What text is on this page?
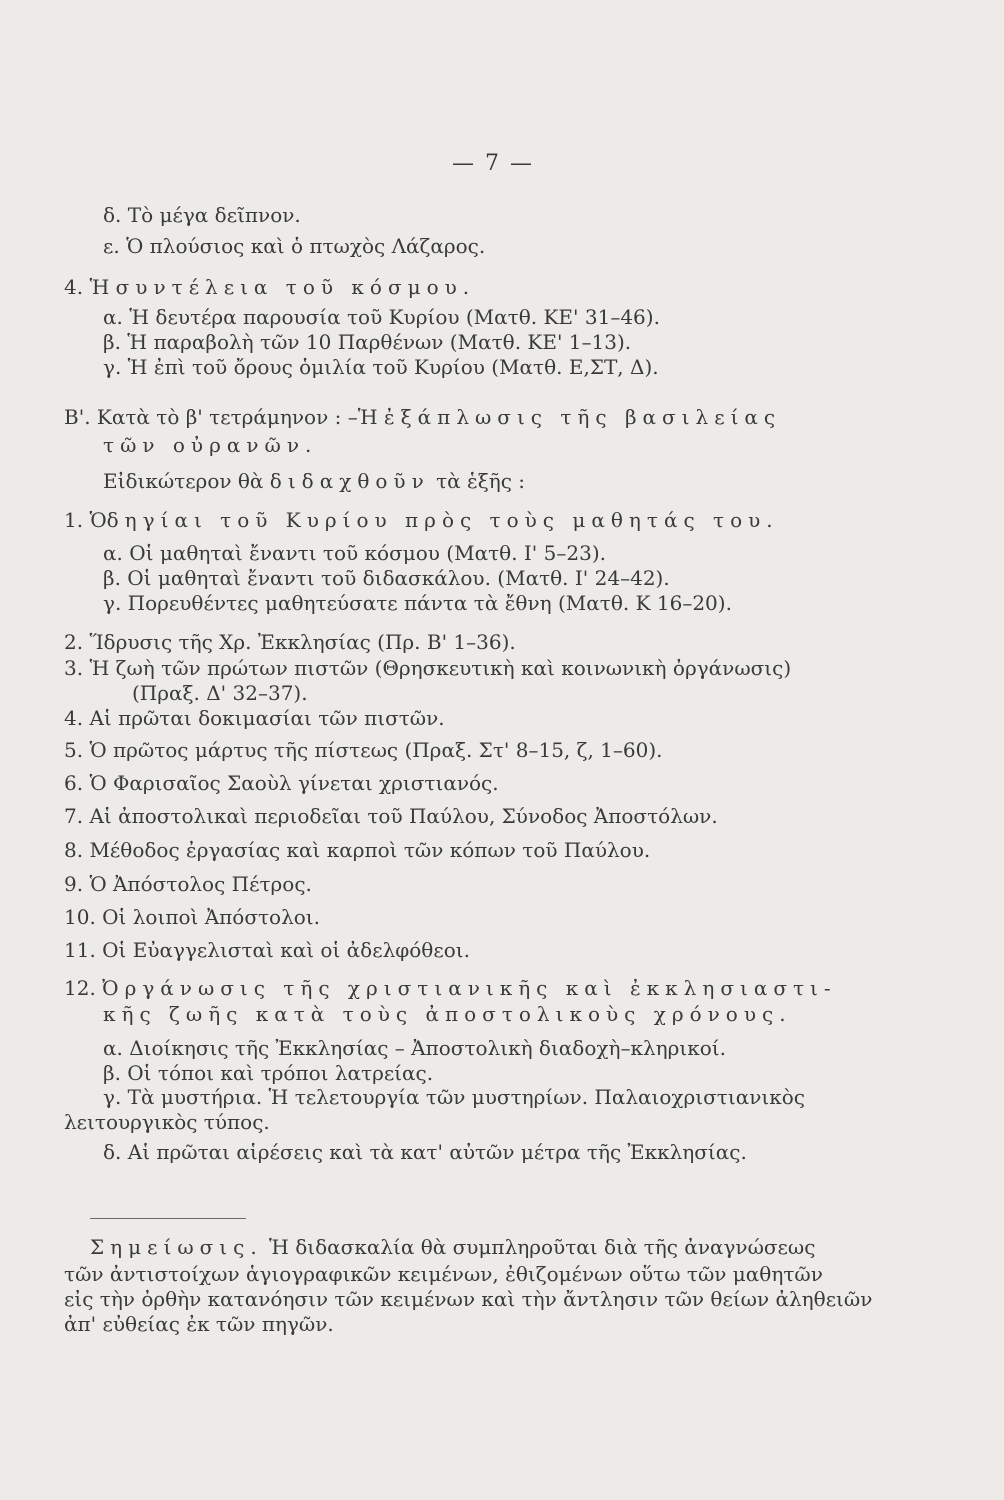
— 7 —
δ. Τὸ μέγα δεῖπνον.
ε. Ὁ πλούσιος καὶ ὁ πτωχὸς Λάζαρος.
4. Ἡ συντέλεια τοῦ κόσμου.
α. Ἡ δευτέρα παρουσία τοῦ Κυρίου (Ματθ. ΚΕ' 31–46).
β. Ἡ παραβολὴ τῶν 10 Παρθένων (Ματθ. ΚΕ' 1–13).
γ. Ἡ ἐπὶ τοῦ ὄρους ὁμιλία τοῦ Κυρίου (Ματθ. Ε,ΣΤ, Δ).
Β'. Κατὰ τὸ β' τετράμηνον : –Ἡ ἐξάπλωσις τῆς βασιλείας
τῶν οὐρανῶν.
Εἰδικώτερον θὰ διδαχθοῦν τὰ ἑξῆς :
1. Ὁδηγίαι τοῦ Κυρίου πρὸς τοὺς μαθητάς του.
α. Οἱ μαθηταὶ ἔναντι τοῦ κόσμου (Ματθ. Ι' 5–23).
β. Οἱ μαθηταὶ ἔναντι τοῦ διδασκάλου. (Ματθ. Ι' 24–42).
γ. Πορευθέντες μαθητεύσατε πάντα τὰ ἔθνη (Ματθ. Κ 16–20).
2. Ἵδρυσις τῆς Χρ. Ἐκκλησίας (Πρ. Β' 1–36).
3. Ἡ ζωὴ τῶν πρώτων πιστῶν (Θρησκευτικὴ καὶ κοινωνικὴ ὀργάνωσις)
(Πραξ. Δ' 32–37).
4. Αἱ πρῶται δοκιμασίαι τῶν πιστῶν.
5. Ὁ πρῶτος μάρτυς τῆς πίστεως (Πραξ. Στ' 8–15, ζ, 1–60).
6. Ὁ Φαρισαῖος Σαοὺλ γίνεται χριστιανός.
7. Αἱ ἀποστολικαὶ περιοδεῖαι τοῦ Παύλου, Σύνοδος Ἀποστόλων.
8. Μέθοδος ἐργασίας καὶ καρποὶ τῶν κόπων τοῦ Παύλου.
9. Ὁ Ἀπόστολος Πέτρος.
10. Οἱ λοιποὶ Ἀπόστολοι.
11. Οἱ Εὐαγγελισταὶ καὶ οἱ ἀδελφόθεοι.
12. Ὀργάνωσις τῆς χριστιανικῆς καὶ ἐκκλησιαστι-
κῆς ζωῆς κατὰ τοὺς ἀποστολικοὺς χρόνους.
α. Διοίκησις τῆς Ἐκκλησίας – Ἀποστολικὴ διαδοχὴ–κληρικοί.
β. Οἱ τόποι καὶ τρόποι λατρείας.
γ. Τὰ μυστήρια. Ἡ τελετουργία τῶν μυστηρίων. Παλαιοχριστιανικὸς
λειτουργικὸς τύπος.
δ. Αἱ πρῶται αἱρέσεις καὶ τὰ κατ' αὐτῶν μέτρα τῆς Ἐκκλησίας.
Σημείωσις. Ἡ διδασκαλία θὰ συμπληροῦται διὰ τῆς ἀναγνώσεως
τῶν ἀντιστοίχων ἁγιογραφικῶν κειμένων, ἐθιζομένων οὕτω τῶν μαθητῶν
εἰς τὴν ὀρθὴν κατανόησιν τῶν κειμένων καὶ τὴν ἄντλησιν τῶν θείων ἀληθειῶν
ἀπ' εὐθείας ἐκ τῶν πηγῶν.
